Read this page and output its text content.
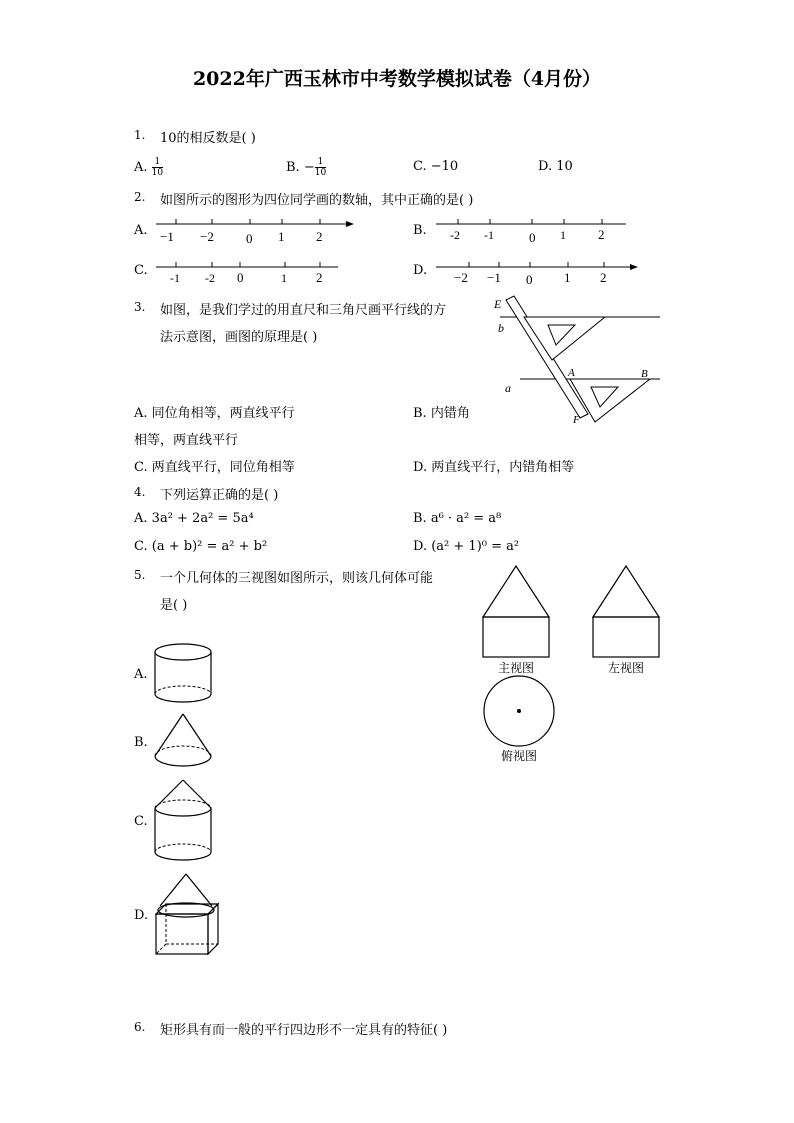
2022年广西玉林市中考数学模拟试卷（4月份）
1. 10的相反数是( )
A. $\frac{1}{10}$	B. − $\frac{1}{10}$	C. −10	D. 10
2. 如图所示的图形为四位同学画的数轴，其中正确的是( )
A. −1 −2 0 1 2	B. -2 -1	0 1 2
C. -1 -2 0	1 2	D. −2 −1 0 1 2
3. 如图，是我们学过的用直尺和三角尺画平行线的方
法示意图，画图的原理是( )
E
b
a
A	B
F
A. 同位角相等，两直线平行	B. 内错角
相等，两直线平行
C. 两直线平行，同位角相等	D. 两直线平行，内错角相等
4. 下列运算正确的是( )
A. 3a² + 2a² = 5a⁴	B. a⁶ · a² = a⁸
C. (a + b)² = a² + b²	D. (a² + 1)⁰ = a²
5. 一个几何体的三视图如图所示，则该几何体可能
是( )
主视图	左视图
俯视图
A.
B.
C.
D.
6. 矩形具有而一般的平行四边形不一定具有的特征( )
